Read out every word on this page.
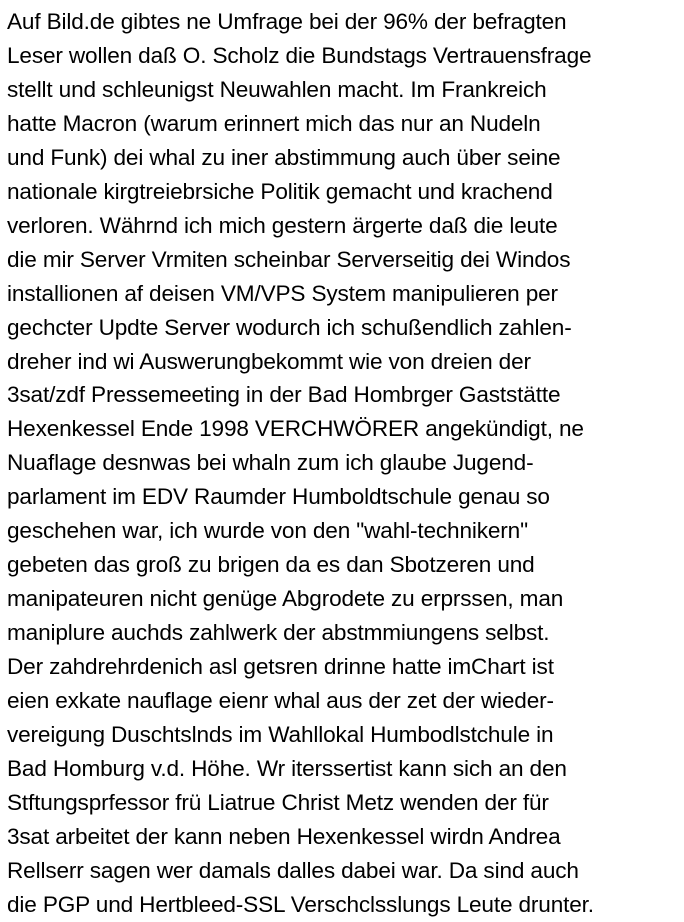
Auf Bild.de gibtes ne Umfrage bei der 96% der befragten
Leser wollen daß O. Scholz die Bundstags Vertrauensfrage
stellt und schleunigst Neuwahlen macht. Im Frankreich
hatte Macron (warum erinnert mich das nur an Nudeln
und Funk) dei whal zu iner abstimmung auch über seine
nationale kirgtreiebrsiche Politik gemacht und krachend
verloren. Währnd ich mich gestern ärgerte daß die leute
die mir Server Vrmiten scheinbar Serverseitig dei Windos
installionen af deisen VM/VPS System manipulieren per
gechcter Updte Server wodurch ich schußendlich zahlen-
dreher ind wi Auswerungbekommt wie von dreien der
3sat/zdf Pressemeeting in der Bad Hombrger Gaststätte
Hexenkessel Ende 1998 VERCHWÖRER angekündigt, ne
Nuaflage desnwas bei whaln zum ich glaube Jugend-
parlament im EDV Raumder Humboldtschule genau so
geschehen war, ich wurde von den "wahl-technikern"
gebeten das groß zu brigen da es dan Sbotzeren und
manipateuren nicht genüge Abgrodete zu erprssen, man
maniplure auchds zahlwerk der abstmmiungens selbst.
Der zahdrehrdenich asl getsren drinne hatte imChart ist
eien exkate nauflage eienr whal aus der zet der wieder-
vereigung Duschtslnds im Wahllokal Humbodlstchule in
Bad Homburg v.d. Höhe. Wr iterssertist kann sich an den
Stftungsprfessor frü Liatrue Christ Metz wenden der für
3sat arbeitet der kann neben Hexenkessel wirdn Andrea
Rellserr sagen wer damals dalles dabei war. Da sind auch
die PGP und Hertbleed-SSL Verschclsslungs Leute drunter.
